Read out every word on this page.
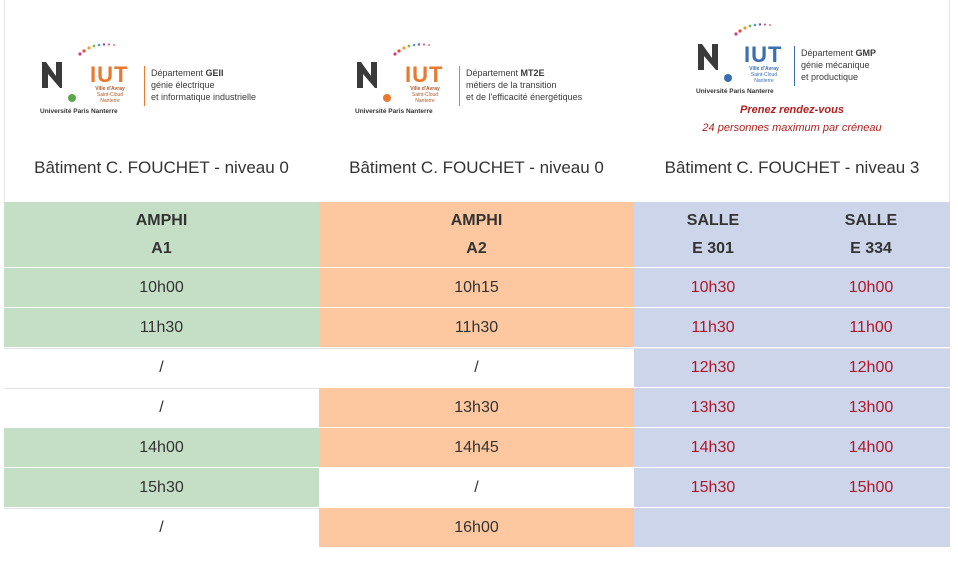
IUT
Ville d'Avray
Saint-Cloud
Nanterre
Département GEII
génie électrique
et informatique industrielle
Université Paris Nanterre
Bâtiment C. FOUCHET - niveau 0
IUT
Ville d'Avray
Saint-Cloud
Nanterre
Département MT2E
métiers de la transition
et de l'efficacité énergétiques
Université Paris Nanterre
Bâtiment C. FOUCHET - niveau 0
IUT
Ville d'Avray
Saint-Cloud
Nanterre
Département GMP
génie mécanique
et productique
Université Paris Nanterre
Prenez rendez-vous
24 personnes maximum par créneau
Bâtiment C. FOUCHET - niveau 3
AMPHI
A1
AMPHI
A2
SALLE
E 301
SALLE
E 334
10h00	10h15	10h30	10h00
11h30	11h30	11h30	11h00
/	/	12h30	12h00
/	13h30	13h30	13h00
14h00	14h45	14h30	14h00
15h30	/	15h30	15h00
/	16h00
